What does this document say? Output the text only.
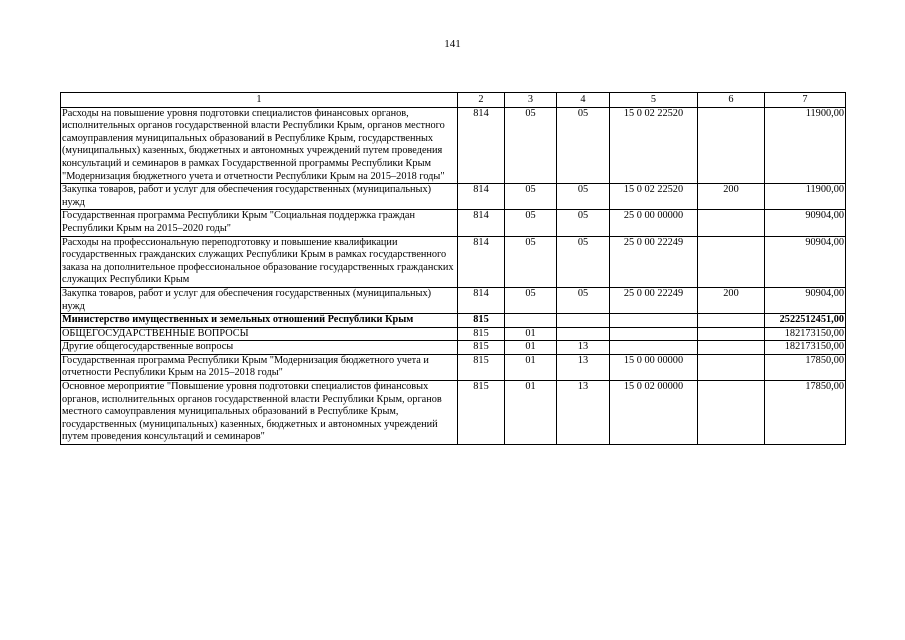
141
1	2	3	4	5	6	7
Расходы на повышение уровня подготовки специалистов финансовых органов, исполнительных органов государственной власти Республики Крым, органов местного самоуправления муниципальных образований в Республике Крым, государственных (муниципальных) казенных, бюджетных и автономных учреждений путем проведения консультаций и семинаров в рамках Государственной программы Республики Крым "Модернизация бюджетного учета и отчетности Республики Крым на 2015–2018 годы"	814	05	05	15 0 02 22520		11900,00
Закупка товаров, работ и услуг для обеспечения государственных (муниципальных) нужд	814	05	05	15 0 02 22520	200	11900,00
Государственная программа Республики Крым "Социальная поддержка граждан Республики Крым на 2015–2020 годы"	814	05	05	25 0 00 00000		90904,00
Расходы на профессиональную переподготовку и повышение квалификации государственных гражданских служащих Республики Крым в рамках государственного заказа на дополнительное профессиональное образование государственных гражданских служащих Республики Крым	814	05	05	25 0 00 22249		90904,00
Закупка товаров, работ и услуг для обеспечения государственных (муниципальных) нужд	814	05	05	25 0 00 22249	200	90904,00
Министерство имущественных и земельных отношений Республики Крым	815					2522512451,00
ОБЩЕГОСУДАРСТВЕННЫЕ ВОПРОСЫ	815	01				182173150,00
Другие общегосударственные вопросы	815	01	13			182173150,00
Государственная программа Республики Крым "Модернизация бюджетного учета и отчетности Республики Крым на 2015–2018 годы"	815	01	13	15 0 00 00000		17850,00
Основное мероприятие "Повышение уровня подготовки специалистов финансовых органов, исполнительных органов государственной власти Республики Крым, органов местного самоуправления муниципальных образований в Республике Крым, государственных (муниципальных) казенных, бюджетных и автономных учреждений путем проведения консультаций и семинаров"	815	01	13	15 0 02 00000		17850,00
